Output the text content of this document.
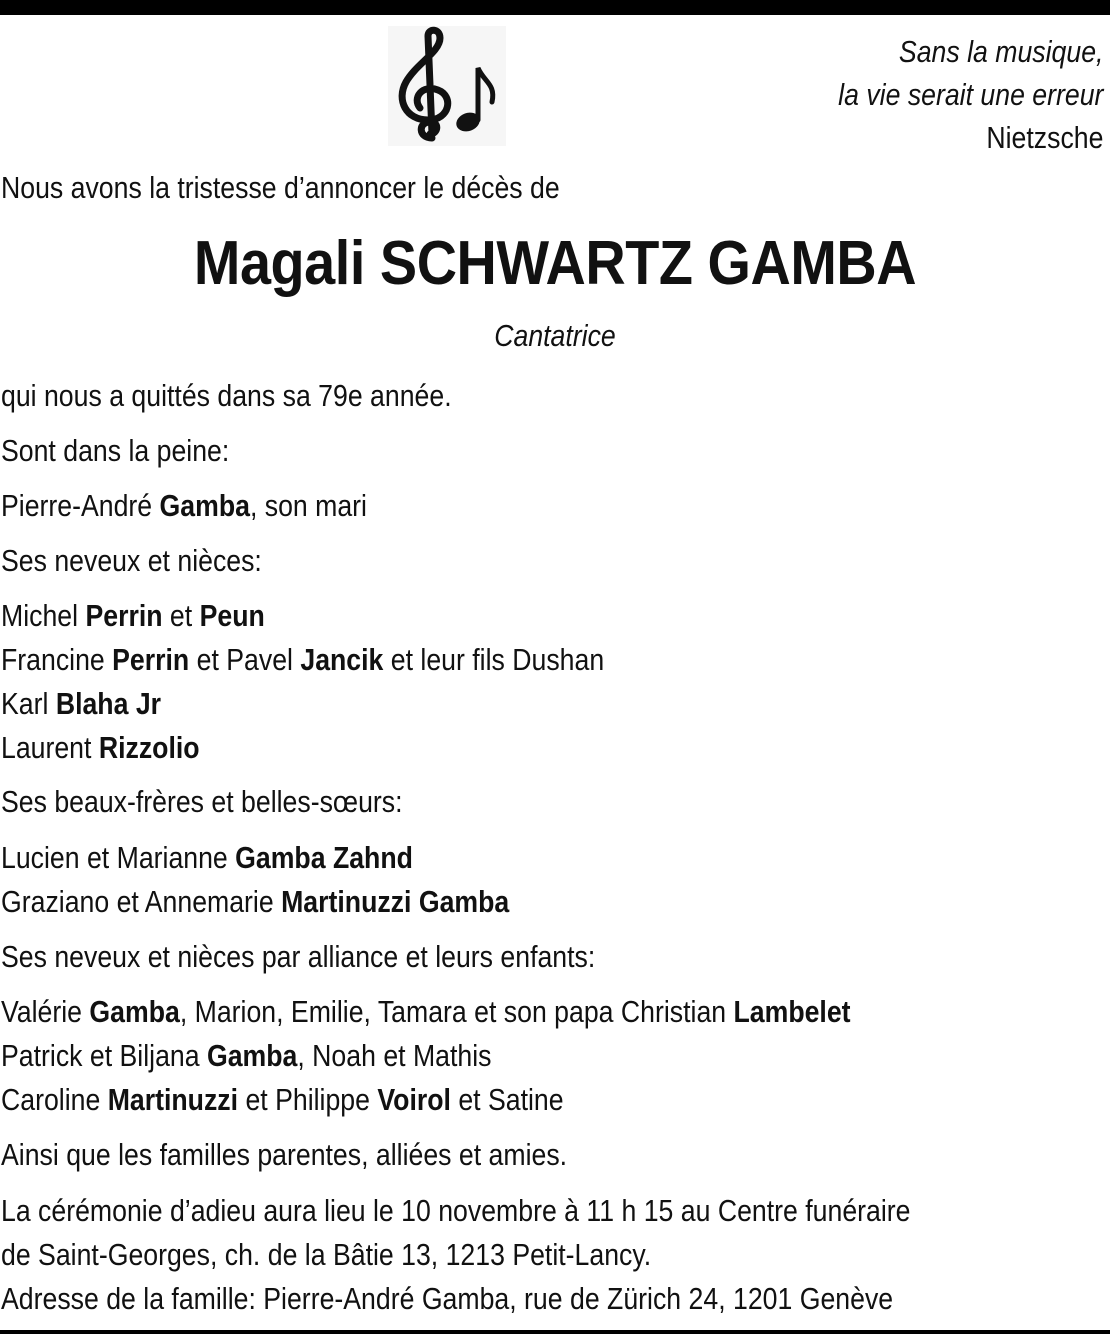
Sans la musique,
la vie serait une erreur
Nietzsche
Nous avons la tristesse d’annoncer le décès de
Magali SCHWARTZ GAMBA
Cantatrice
qui nous a quittés dans sa 79e année.
Sont dans la peine:
Pierre-André Gamba, son mari
Ses neveux et nièces:
Michel Perrin et Peun
Francine Perrin et Pavel Jancik et leur fils Dushan
Karl Blaha Jr
Laurent Rizzolio
Ses beaux-frères et belles-sœurs:
Lucien et Marianne Gamba Zahnd
Graziano et Annemarie Martinuzzi Gamba
Ses neveux et nièces par alliance et leurs enfants:
Valérie Gamba, Marion, Emilie, Tamara et son papa Christian Lambelet
Patrick et Biljana Gamba, Noah et Mathis
Caroline Martinuzzi et Philippe Voirol et Satine
Ainsi que les familles parentes, alliées et amies.
La cérémonie d’adieu aura lieu le 10 novembre à 11 h 15 au Centre funéraire
de Saint-Georges, ch. de la Bâtie 13, 1213 Petit-Lancy.
Adresse de la famille: Pierre-André Gamba, rue de Zürich 24, 1201 Genève
